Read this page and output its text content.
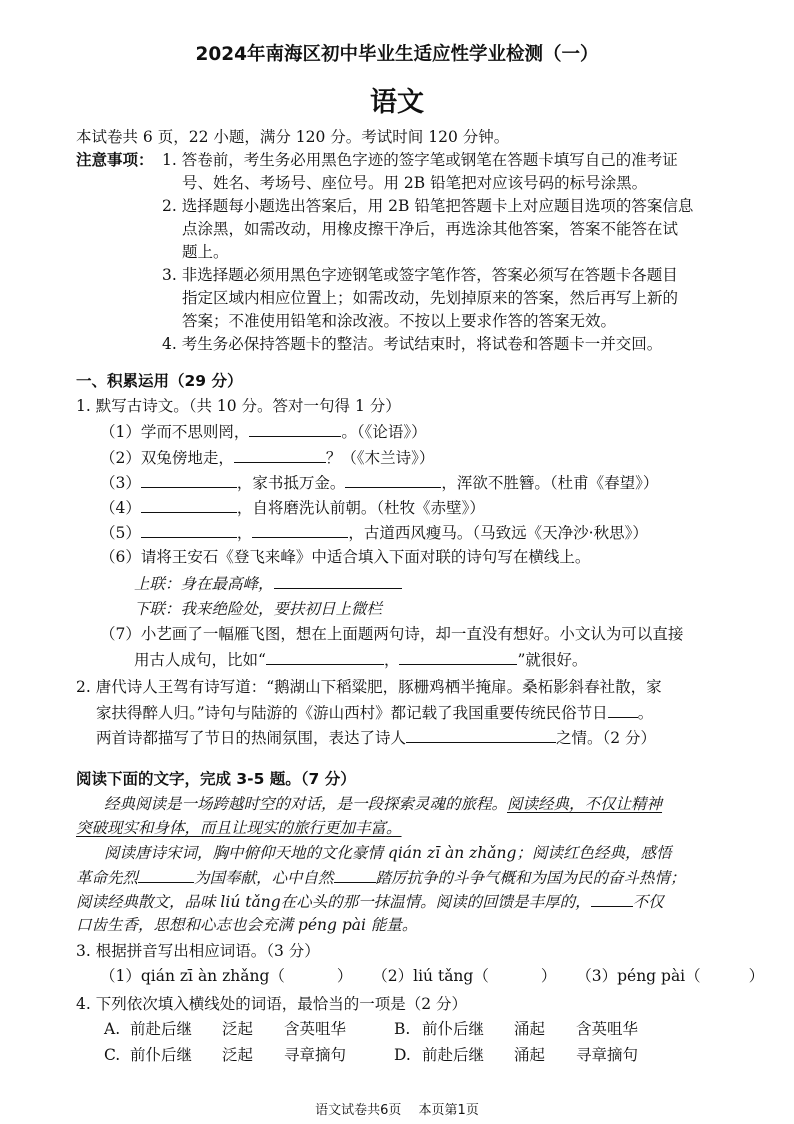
2024年南海区初中毕业生适应性学业检测（一）
语文
本试卷共 6 页，22 小题，满分 120 分。考试时间 120 分钟。
注意事项： 1. 答卷前，考生务必用黑色字迹的签字笔或钢笔在答题卡填写自己的准考证
号、姓名、考场号、座位号。用 2B 铅笔把对应该号码的标号涂黑。
2. 选择题每小题选出答案后，用 2B 铅笔把答题卡上对应题目选项的答案信息
点涂黑，如需改动，用橡皮擦干净后，再选涂其他答案，答案不能答在试
题上。
3. 非选择题必须用黑色字迹钢笔或签字笔作答，答案必须写在答题卡各题目
指定区域内相应位置上；如需改动，先划掉原来的答案，然后再写上新的
答案；不准使用铅笔和涂改液。不按以上要求作答的答案无效。
4. 考生务必保持答题卡的整洁。考试结束时，将试卷和答题卡一并交回。
一、积累运用（29 分）
1. 默写古诗文。（共 10 分。答对一句得 1 分）
（1）学而不思则罔，	。（《论语》）
（2）双兔傍地走，	？（《木兰诗》）
（3）	，家书抵万金。	，浑欲不胜簪。（杜甫《春望》）
（4）	，自将磨洗认前朝。（杜牧《赤壁》）
（5）	，	，古道西风瘦马。（马致远《天净沙·秋思》）
（6）请将王安石《登飞来峰》中适合填入下面对联的诗句写在横线上。
上联：身在最高峰，
下联：我来绝险处，要扶初日上微栏
（7）小艺画了一幅雁飞图，想在上面题两句诗，却一直没有想好。小文认为可以直接
用古人成句，比如“	，	”就很好。
2. 唐代诗人王驾有诗写道：“鹅湖山下稻粱肥，豚栅鸡栖半掩扉。桑柘影斜春社散，家
家扶得醉人归。”诗句与陆游的《游山西村》都记载了我国重要传统民俗节日 。
两首诗都描写了节日的热闹氛围，表达了诗人	之情。（2 分）
阅读下面的文字，完成 3-5 题。（7 分）
经典阅读是一场跨越时空的对话，是一段探索灵魂的旅程。阅读经典，不仅让精神
突破现实和身体，而且让现实的旅行更加丰富。
阅读唐诗宋词，胸中俯仰天地的文化豪情 qián zī àn zhǎng；阅读红色经典，感悟
革命先烈	为国奉献，心中自然	踏厉抗争的斗争气概和为国为民的奋斗热情；
阅读经典散文，品味 liú tǎng在心头的那一抹温情。阅读的回馈是丰厚的，	不仅
口齿生香，思想和心志也会充满 péng pài 能量。
3. 根据拼音写出相应词语。（3 分）
（1）qián zī àn zhǎng（	） （2）liú tǎng（	） （3）péng pài（	）
4. 下列依次填入横线处的词语，最恰当的一项是（2 分）
A. 前赴后继 泛起 含英咀华	B. 前仆后继 涌起 含英咀华
C. 前仆后继 泛起 寻章摘句	D. 前赴后继 涌起 寻章摘句
语文试卷共6页　 本页第1页
